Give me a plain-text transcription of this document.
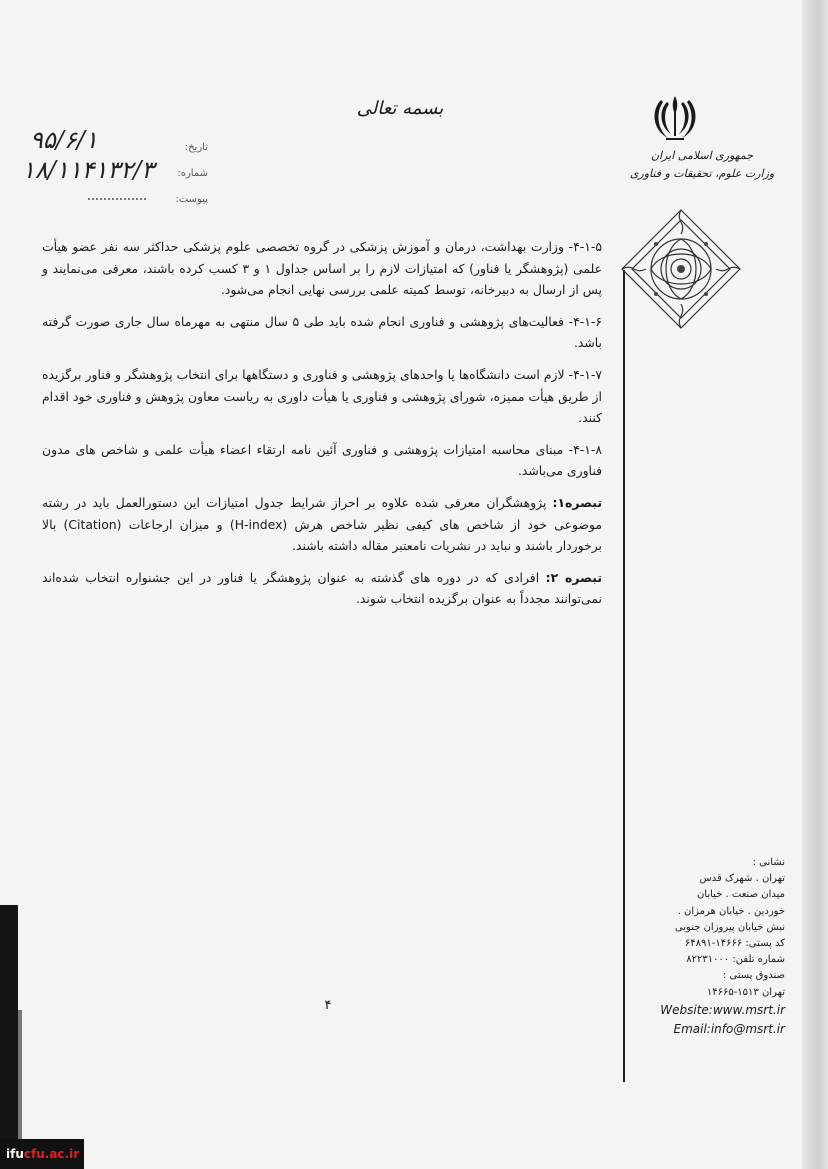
بسمه تعالی
جمهوری اسلامی ایران
وزارت علوم، تحقیقات و فناوری
تاریخ:
۹۵/۶/۱
شماره:
۱۸/۱۱۴۱۳۲/۳
پیوست:

۴-۱-۵- وزارت بهداشت، درمان و آموزش پزشکی در گروه تخصصی علوم پزشکی حداکثر سه نفر عضو هیأت علمی (پژوهشگر یا فناور) که امتیازات لازم را بر اساس جداول ۱ و ۳ کسب کرده باشند، معرفی می‌نمایند و پس از ارسال به دبیرخانه، توسط کمیته علمی بررسی نهایی انجام می‌شود.

۴-۱-۶- فعالیت‌های پژوهشی و فناوری انجام شده باید طی ۵ سال منتهی به مهرماه سال جاری صورت گرفته باشد.

۴-۱-۷- لازم است دانشگاه‌ها یا واحدهای پژوهشی و فناوری و دستگاهها برای انتخاب پژوهشگر و فناور برگزیده از طریق هیأت ممیزه، شورای پژوهشی و فناوری یا هیأت داوری به ریاست معاون پژوهش و فناوری خود اقدام کنند.

۴-۱-۸- مبنای محاسبه امتیازات پژوهشی و فناوری آئین نامه ارتقاء اعضاء هیأت علمی و شاخص های مدون فناوری می‌باشد.

تبصره۱: پژوهشگران معرفی شده علاوه بر احراز شرایط جدول امتیازات این دستورالعمل باید در رشته موضوعی خود از شاخص های کیفی نظیر شاخص هرش (H-index) و میزان ارجاعات (Citation) بالا برخوردار باشند و نباید در نشریات نامعتبر مقاله داشته باشند.

تبصره ۲: افرادی که در دوره های گذشته به عنوان پژوهشگر یا فناور در این جشنواره انتخاب شده‌اند نمی‌توانند مجدداً به عنوان برگزیده انتخاب شوند.

۴
نشانی :
تهران . شهرک قدس
میدان صنعت . خیابان
خوردین . خیابان هرمزان .
نبش خیابان پیروزان جنوبی
کد پستی: ۱۴۶۶۶-۶۴۸۹۱
شماره تلفن: ۸۲۲۳۱۰۰۰
صندوق پستی :
تهران ۱۵۱۳-۱۴۶۶۵
Website:www.msrt.ir
Email:info@msrt.ir
ifucfu.ac.ir
